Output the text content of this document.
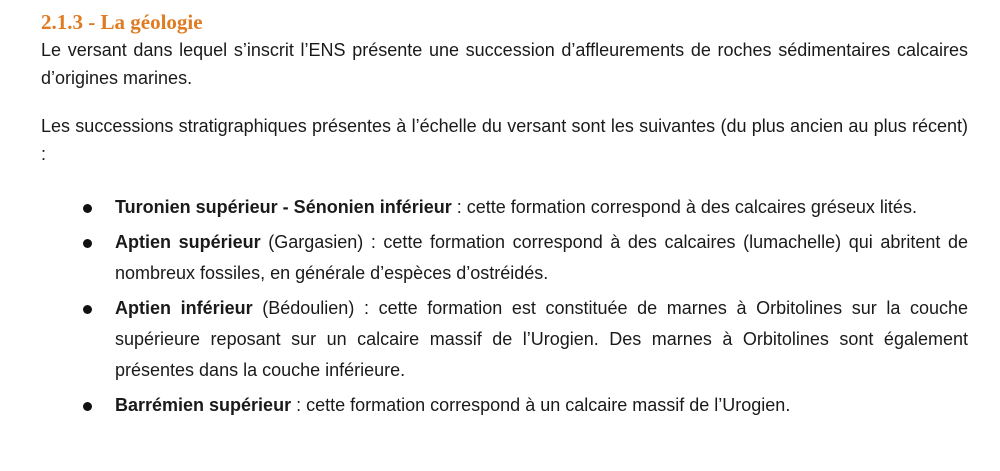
2.1.3 - La géologie

Le versant dans lequel s’inscrit l’ENS présente une succession d’affleurements de roches sédimentaires calcaires d’origines marines.

Les successions stratigraphiques présentes à l’échelle du versant sont les suivantes (du plus ancien au plus récent) :

Turonien supérieur - Sénonien inférieur : cette formation correspond à des calcaires gréseux lités.
Aptien supérieur (Gargasien) : cette formation correspond à des calcaires (lumachelle) qui abritent de nombreux fossiles, en générale d’espèces d’ostréidés.
Aptien inférieur (Bédoulien) : cette formation est constituée de marnes à Orbitolines sur la couche supérieure reposant sur un calcaire massif de l’Urogien. Des marnes à Orbitolines sont également présentes dans la couche inférieure.
Barrémien supérieur : cette formation correspond à un calcaire massif de l’Urogien.
